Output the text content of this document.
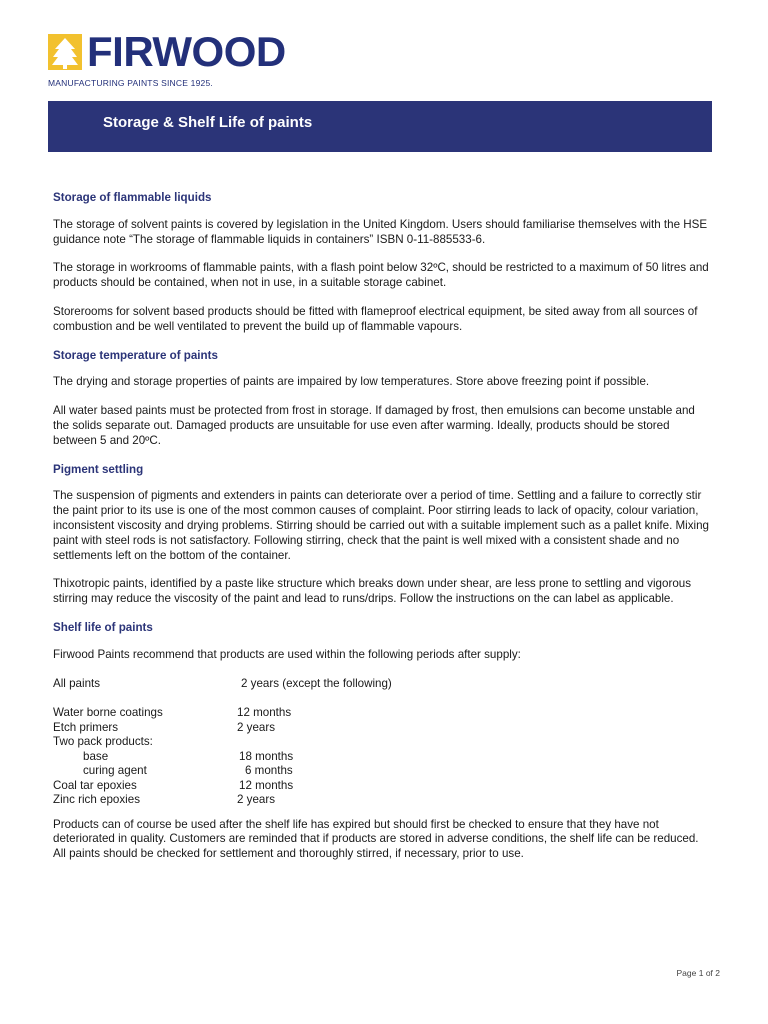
FIRWOOD
MANUFACTURING PAINTS SINCE 1925.
Storage & Shelf Life of paints
Storage of flammable liquids

The storage of solvent paints is covered by legislation in the United Kingdom. Users should familiarise themselves with the HSE guidance note “The storage of flammable liquids in containers” ISBN 0-11-885533-6.

The storage in workrooms of flammable paints, with a flash point below 32ºC, should be restricted to a maximum of 50 litres and products should be contained, when not in use, in a suitable storage cabinet.

Storerooms for solvent based products should be fitted with flameproof electrical equipment, be sited away from all sources of combustion and be well ventilated to prevent the build up of flammable vapours.

Storage temperature of paints

The drying and storage properties of paints are impaired by low temperatures. Store above freezing point if possible.

All water based paints must be protected from frost in storage. If damaged by frost, then emulsions can become unstable and the solids separate out. Damaged products are unsuitable for use even after warming. Ideally, products should be stored between 5 and 20ºC.

Pigment settling

The suspension of pigments and extenders in paints can deteriorate over a period of time. Settling and a failure to correctly stir the paint prior to its use is one of the most common causes of complaint. Poor stirring leads to lack of opacity, colour variation, inconsistent viscosity and drying problems. Stirring should be carried out with a suitable implement such as a pallet knife. Mixing paint with steel rods is not satisfactory. Following stirring, check that the paint is well mixed with a consistent shade and no settlements left on the bottom of the container.

Thixotropic paints, identified by a paste like structure which breaks down under shear, are less prone to settling and vigorous stirring may reduce the viscosity of the paint and lead to runs/drips. Follow the instructions on the can label as applicable.

Shelf life of paints

Firwood Paints recommend that products are used within the following periods after supply:

All paints	2 years (except the following)
Water borne coatings	12 months
Etch primers	2 years
Two pack products:
base	18 months
curing agent	6 months
Coal tar epoxies	12 months
Zinc rich epoxies	2 years

Products can of course be used after the shelf life has expired but should first be checked to ensure that they have not deteriorated in quality. Customers are reminded that if products are stored in adverse conditions, the shelf life can be reduced. All paints should be checked for settlement and thoroughly stirred, if necessary, prior to use.

Page 1 of 2
